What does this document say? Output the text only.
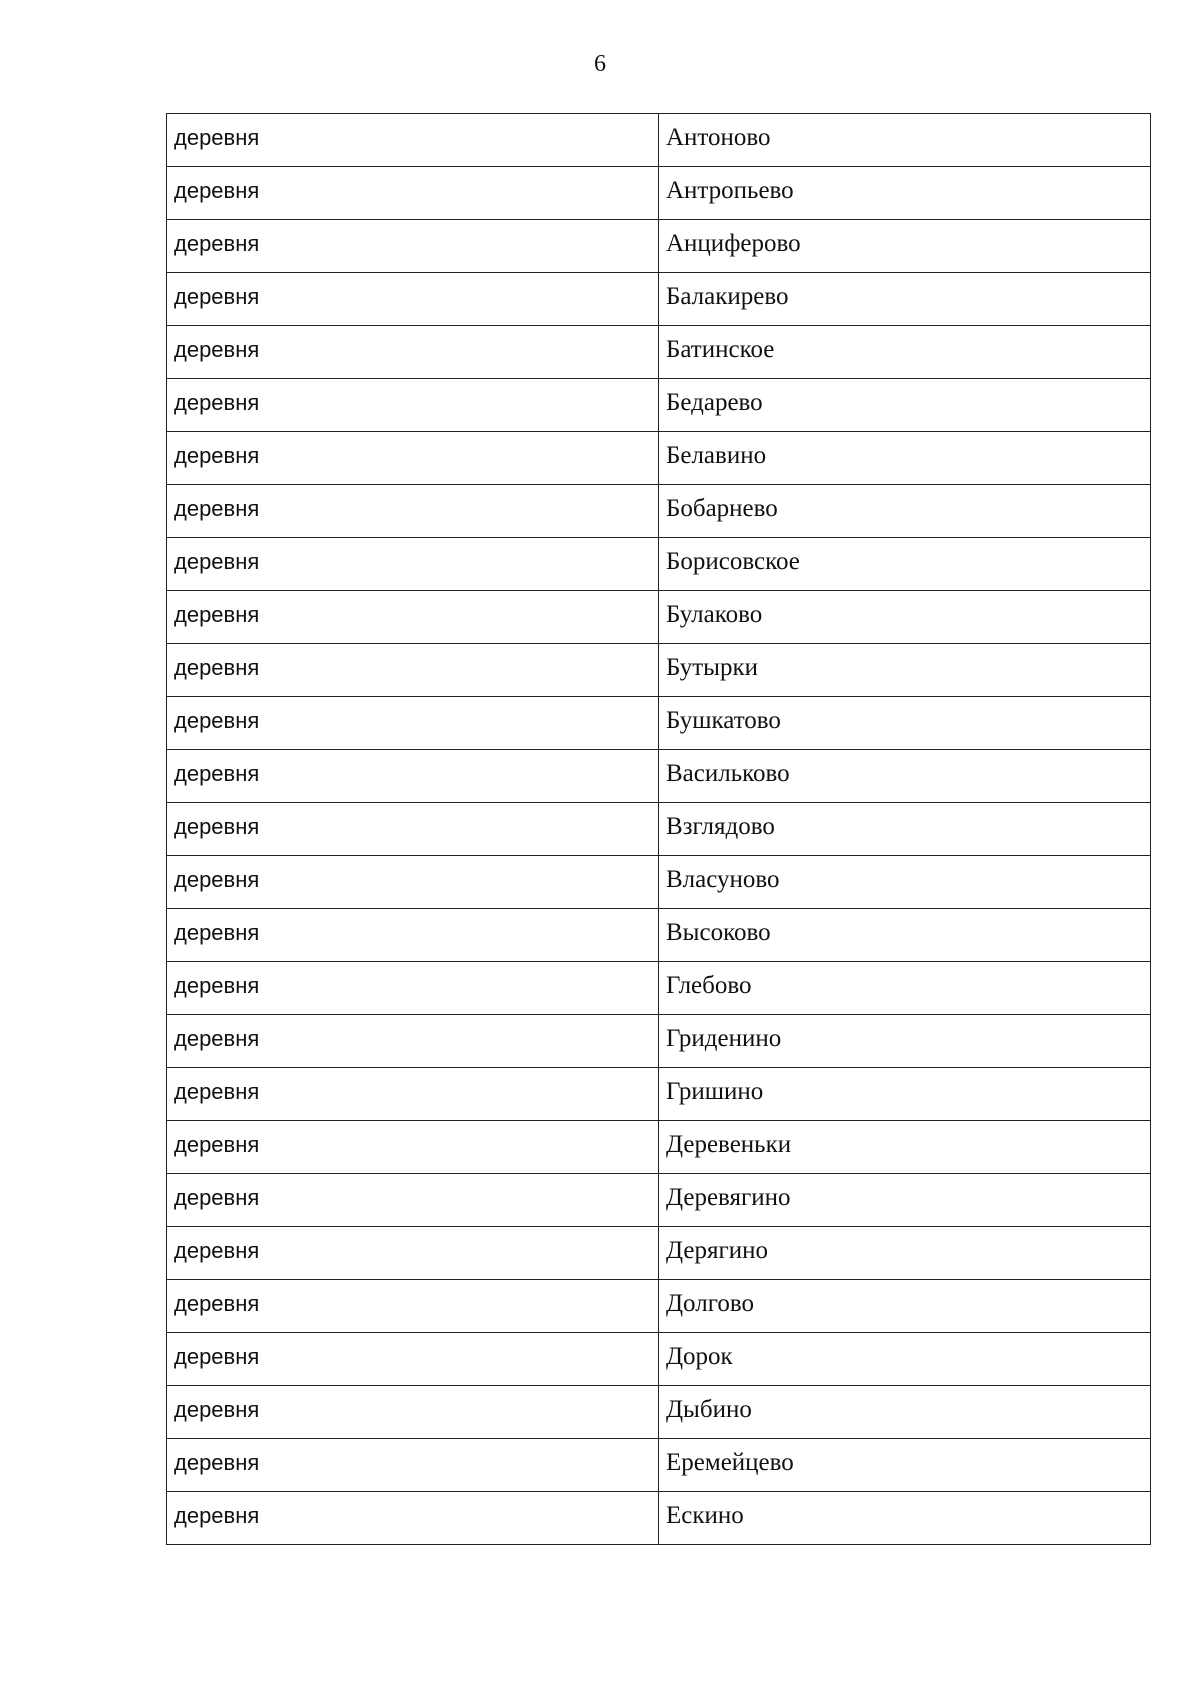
6
деревня	Антоново
деревня	Антропьево
деревня	Анциферово
деревня	Балакирево
деревня	Батинское
деревня	Бедарево
деревня	Белавино
деревня	Бобарнево
деревня	Борисовское
деревня	Булаково
деревня	Бутырки
деревня	Бушкатово
деревня	Васильково
деревня	Взглядово
деревня	Власуново
деревня	Высоково
деревня	Глебово
деревня	Гриденино
деревня	Гришино
деревня	Деревеньки
деревня	Деревягино
деревня	Дерягино
деревня	Долгово
деревня	Дорок
деревня	Дыбино
деревня	Еремейцево
деревня	Ескино
